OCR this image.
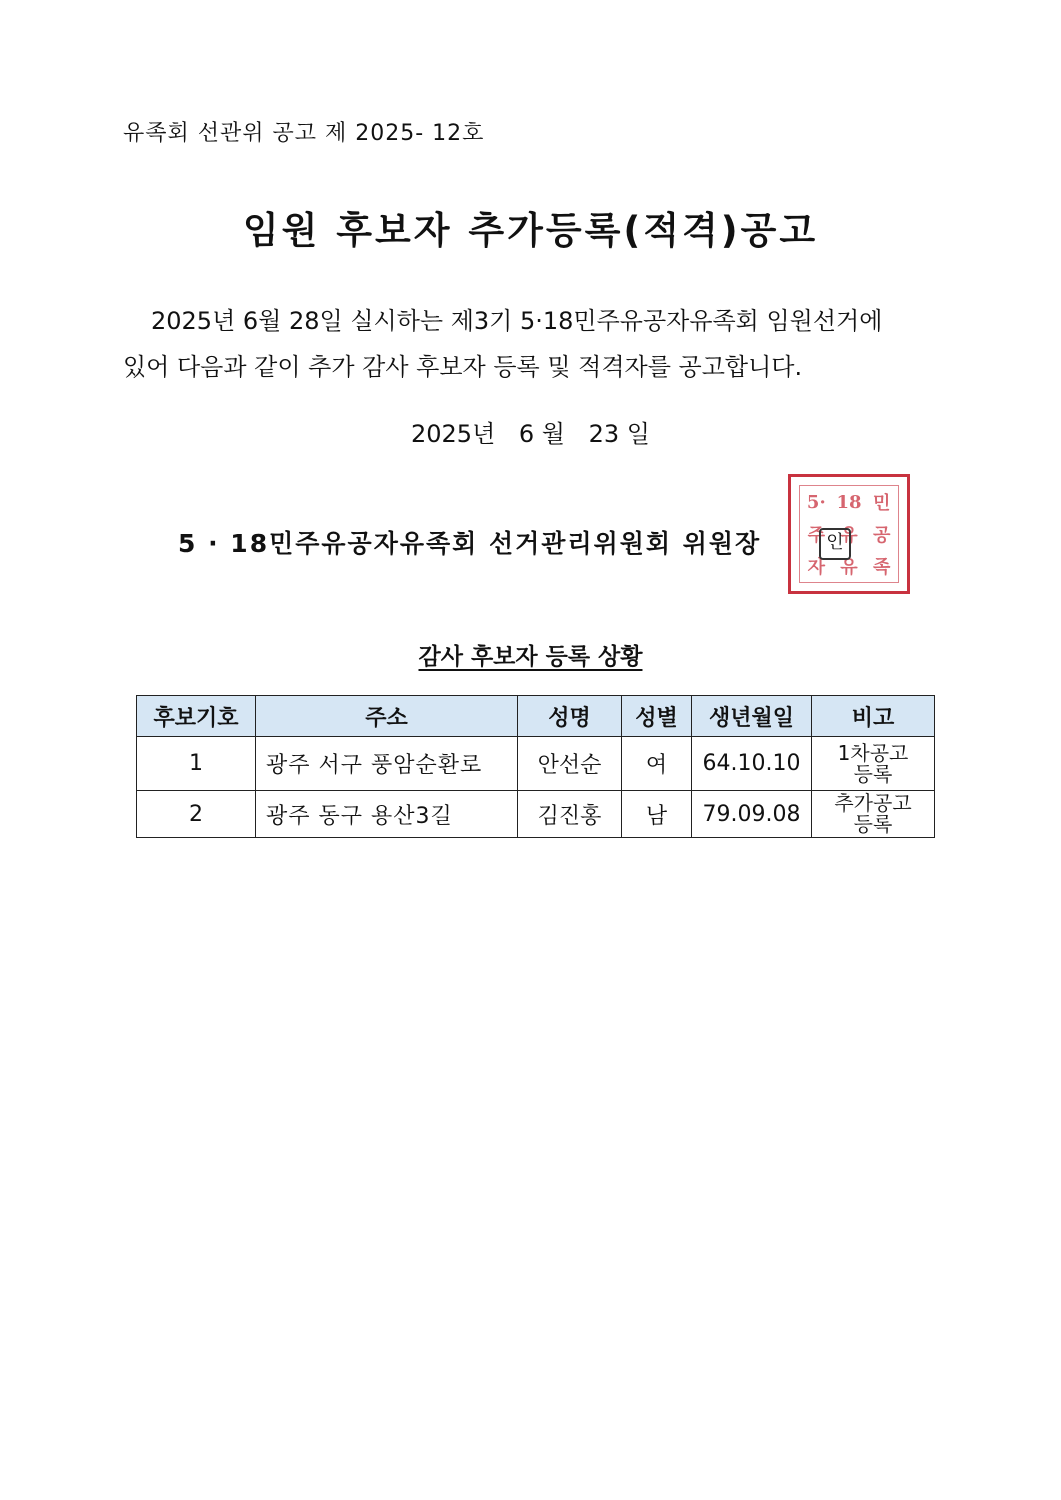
유족회 선관위 공고 제 2025- 12호
임원 후보자 추가등록(적격)공고
2025년 6월 28일 실시하는 제3기 5·18민주유공자유족회 임원선거에
있어 다음과 같이 추가 감사 후보자 등록 및 적격자를 공고합니다.
2025년 6 월 23 일
5· 18 민
주 유 공
자 유 족
5 · 18민주유공자유족회 선거관리위원회 위원장	인
감사 후보자 등록 상황
후보기호	주소	성명	성별	생년월일	비고
1	광주 서구 풍암순환로	안선순	여	64.10.10	1차공고
등록

2	광주 동구 용산3길	김진홍	남	79.09.08	추가공고
등록
